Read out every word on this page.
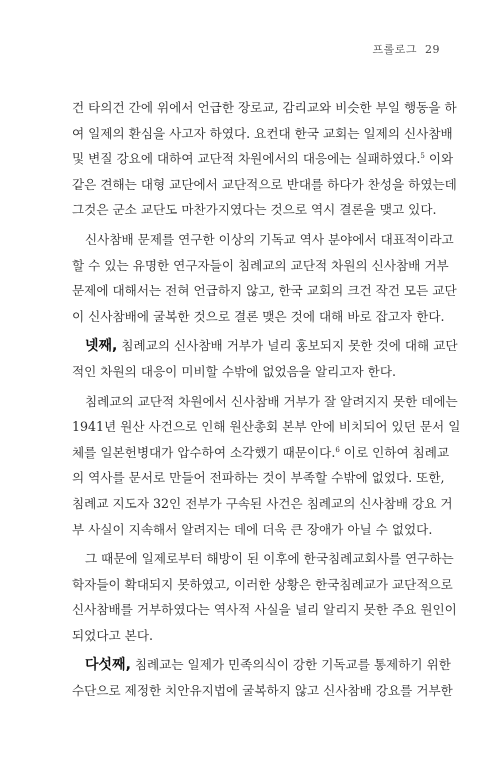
프롤로그 29
건 타의건 간에 위에서 언급한 장로교, 감리교와 비슷한 부일 행동을 하
여 일제의 환심을 사고자 하였다. 요컨대 한국 교회는 일제의 신사참배
및 변질 강요에 대하여 교단적 차원에서의 대응에는 실패하였다.$^5$ 이와
같은 견해는 대형 교단에서 교단적으로 반대를 하다가 찬성을 하였는데
그것은 군소 교단도 마찬가지였다는 것으로 역시 결론을 맺고 있다.
신사참배 문제를 연구한 이상의 기독교 역사 분야에서 대표적이라고
할 수 있는 유명한 연구자들이 침례교의 교단적 차원의 신사참배 거부
문제에 대해서는 전혀 언급하지 않고, 한국 교회의 크건 작건 모든 교단
이 신사참배에 굴복한 것으로 결론 맺은 것에 대해 바로 잡고자 한다.
넷째, 침례교의 신사참배 거부가 널리 홍보되지 못한 것에 대해 교단
적인 차원의 대응이 미비할 수밖에 없었음을 알리고자 한다.
침례교의 교단적 차원에서 신사참배 거부가 잘 알려지지 못한 데에는
1941년 원산 사건으로 인해 원산총회 본부 안에 비치되어 있던 문서 일
체를 일본헌병대가 압수하여 소각했기 때문이다.$^6$ 이로 인하여 침례교
의 역사를 문서로 만들어 전파하는 것이 부족할 수밖에 없었다. 또한,
침례교 지도자 32인 전부가 구속된 사건은 침례교의 신사참배 강요 거
부 사실이 지속해서 알려지는 데에 더욱 큰 장애가 아닐 수 없었다.
그 때문에 일제로부터 해방이 된 이후에 한국침례교회사를 연구하는
학자들이 확대되지 못하였고, 이러한 상황은 한국침례교가 교단적으로
신사참배를 거부하였다는 역사적 사실을 널리 알리지 못한 주요 원인이
되었다고 본다.
다섯째, 침례교는 일제가 민족의식이 강한 기독교를 통제하기 위한
수단으로 제정한 치안유지법에 굴복하지 않고 신사참배 강요를 거부한
